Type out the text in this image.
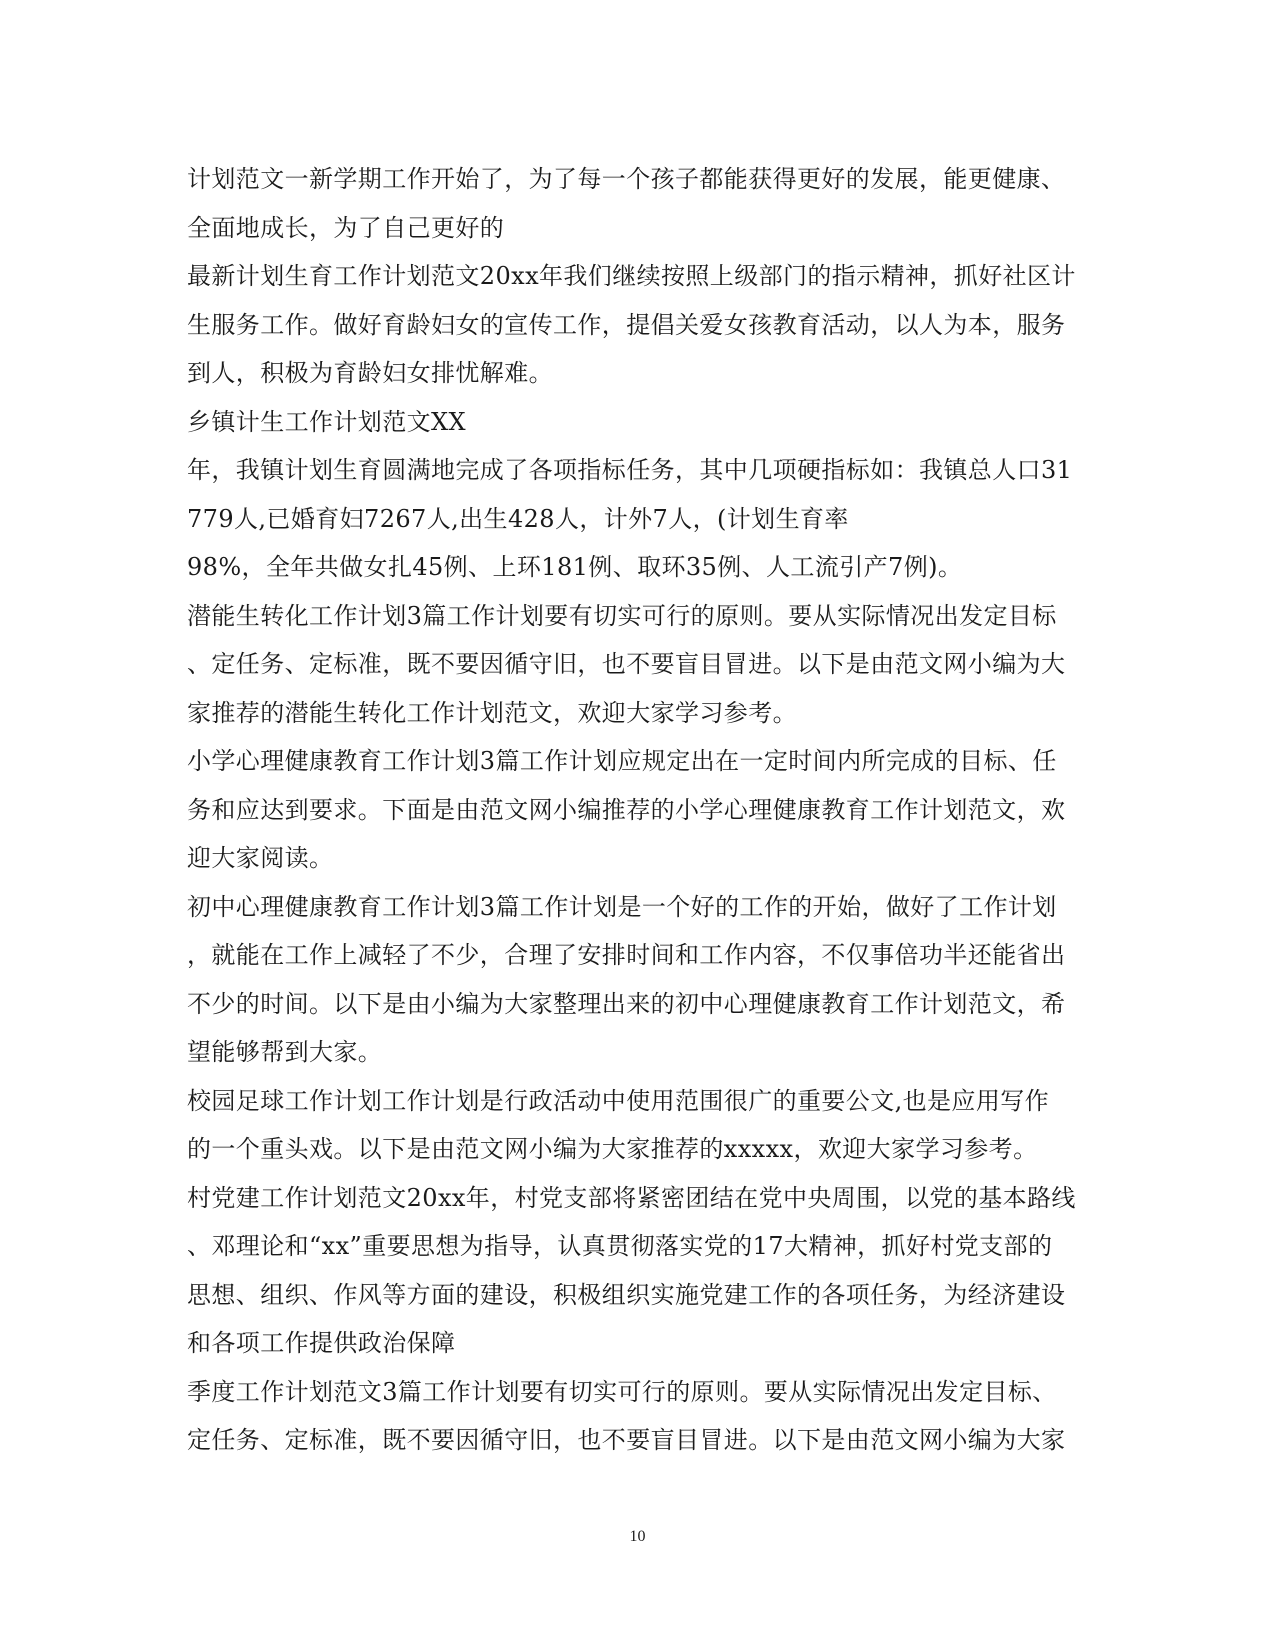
计划范文一新学期工作开始了，为了每一个孩子都能获得更好的发展，能更健康、
全面地成长，为了自己更好的
最新计划生育工作计划范文20xx年我们继续按照上级部门的指示精神，抓好社区计
生服务工作。做好育龄妇女的宣传工作，提倡关爱女孩教育活动，以人为本，服务
到人，积极为育龄妇女排忧解难。
乡镇计生工作计划范文XX
年，我镇计划生育圆满地完成了各项指标任务，其中几项硬指标如：我镇总人口31
779人,已婚育妇7267人,出生428人，计外7人，(计划生育率
98%，全年共做女扎45例、上环181例、取环35例、人工流引产7例)。
潜能生转化工作计划3篇工作计划要有切实可行的原则。要从实际情况出发定目标
、定任务、定标准，既不要因循守旧，也不要盲目冒进。以下是由范文网小编为大
家推荐的潜能生转化工作计划范文，欢迎大家学习参考。
小学心理健康教育工作计划3篇工作计划应规定出在一定时间内所完成的目标、任
务和应达到要求。下面是由范文网小编推荐的小学心理健康教育工作计划范文，欢
迎大家阅读。
初中心理健康教育工作计划3篇工作计划是一个好的工作的开始，做好了工作计划
，就能在工作上减轻了不少，合理了安排时间和工作内容，不仅事倍功半还能省出
不少的时间。以下是由小编为大家整理出来的初中心理健康教育工作计划范文，希
望能够帮到大家。
校园足球工作计划工作计划是行政活动中使用范围很广的重要公文,也是应用写作
的一个重头戏。以下是由范文网小编为大家推荐的xxxxx，欢迎大家学习参考。
村党建工作计划范文20xx年，村党支部将紧密团结在党中央周围，以党的基本路线
、邓理论和“xx”重要思想为指导，认真贯彻落实党的17大精神，抓好村党支部的
思想、组织、作风等方面的建设，积极组织实施党建工作的各项任务，为经济建设
和各项工作提供政治保障
季度工作计划范文3篇工作计划要有切实可行的原则。要从实际情况出发定目标、
定任务、定标准，既不要因循守旧，也不要盲目冒进。以下是由范文网小编为大家
10
